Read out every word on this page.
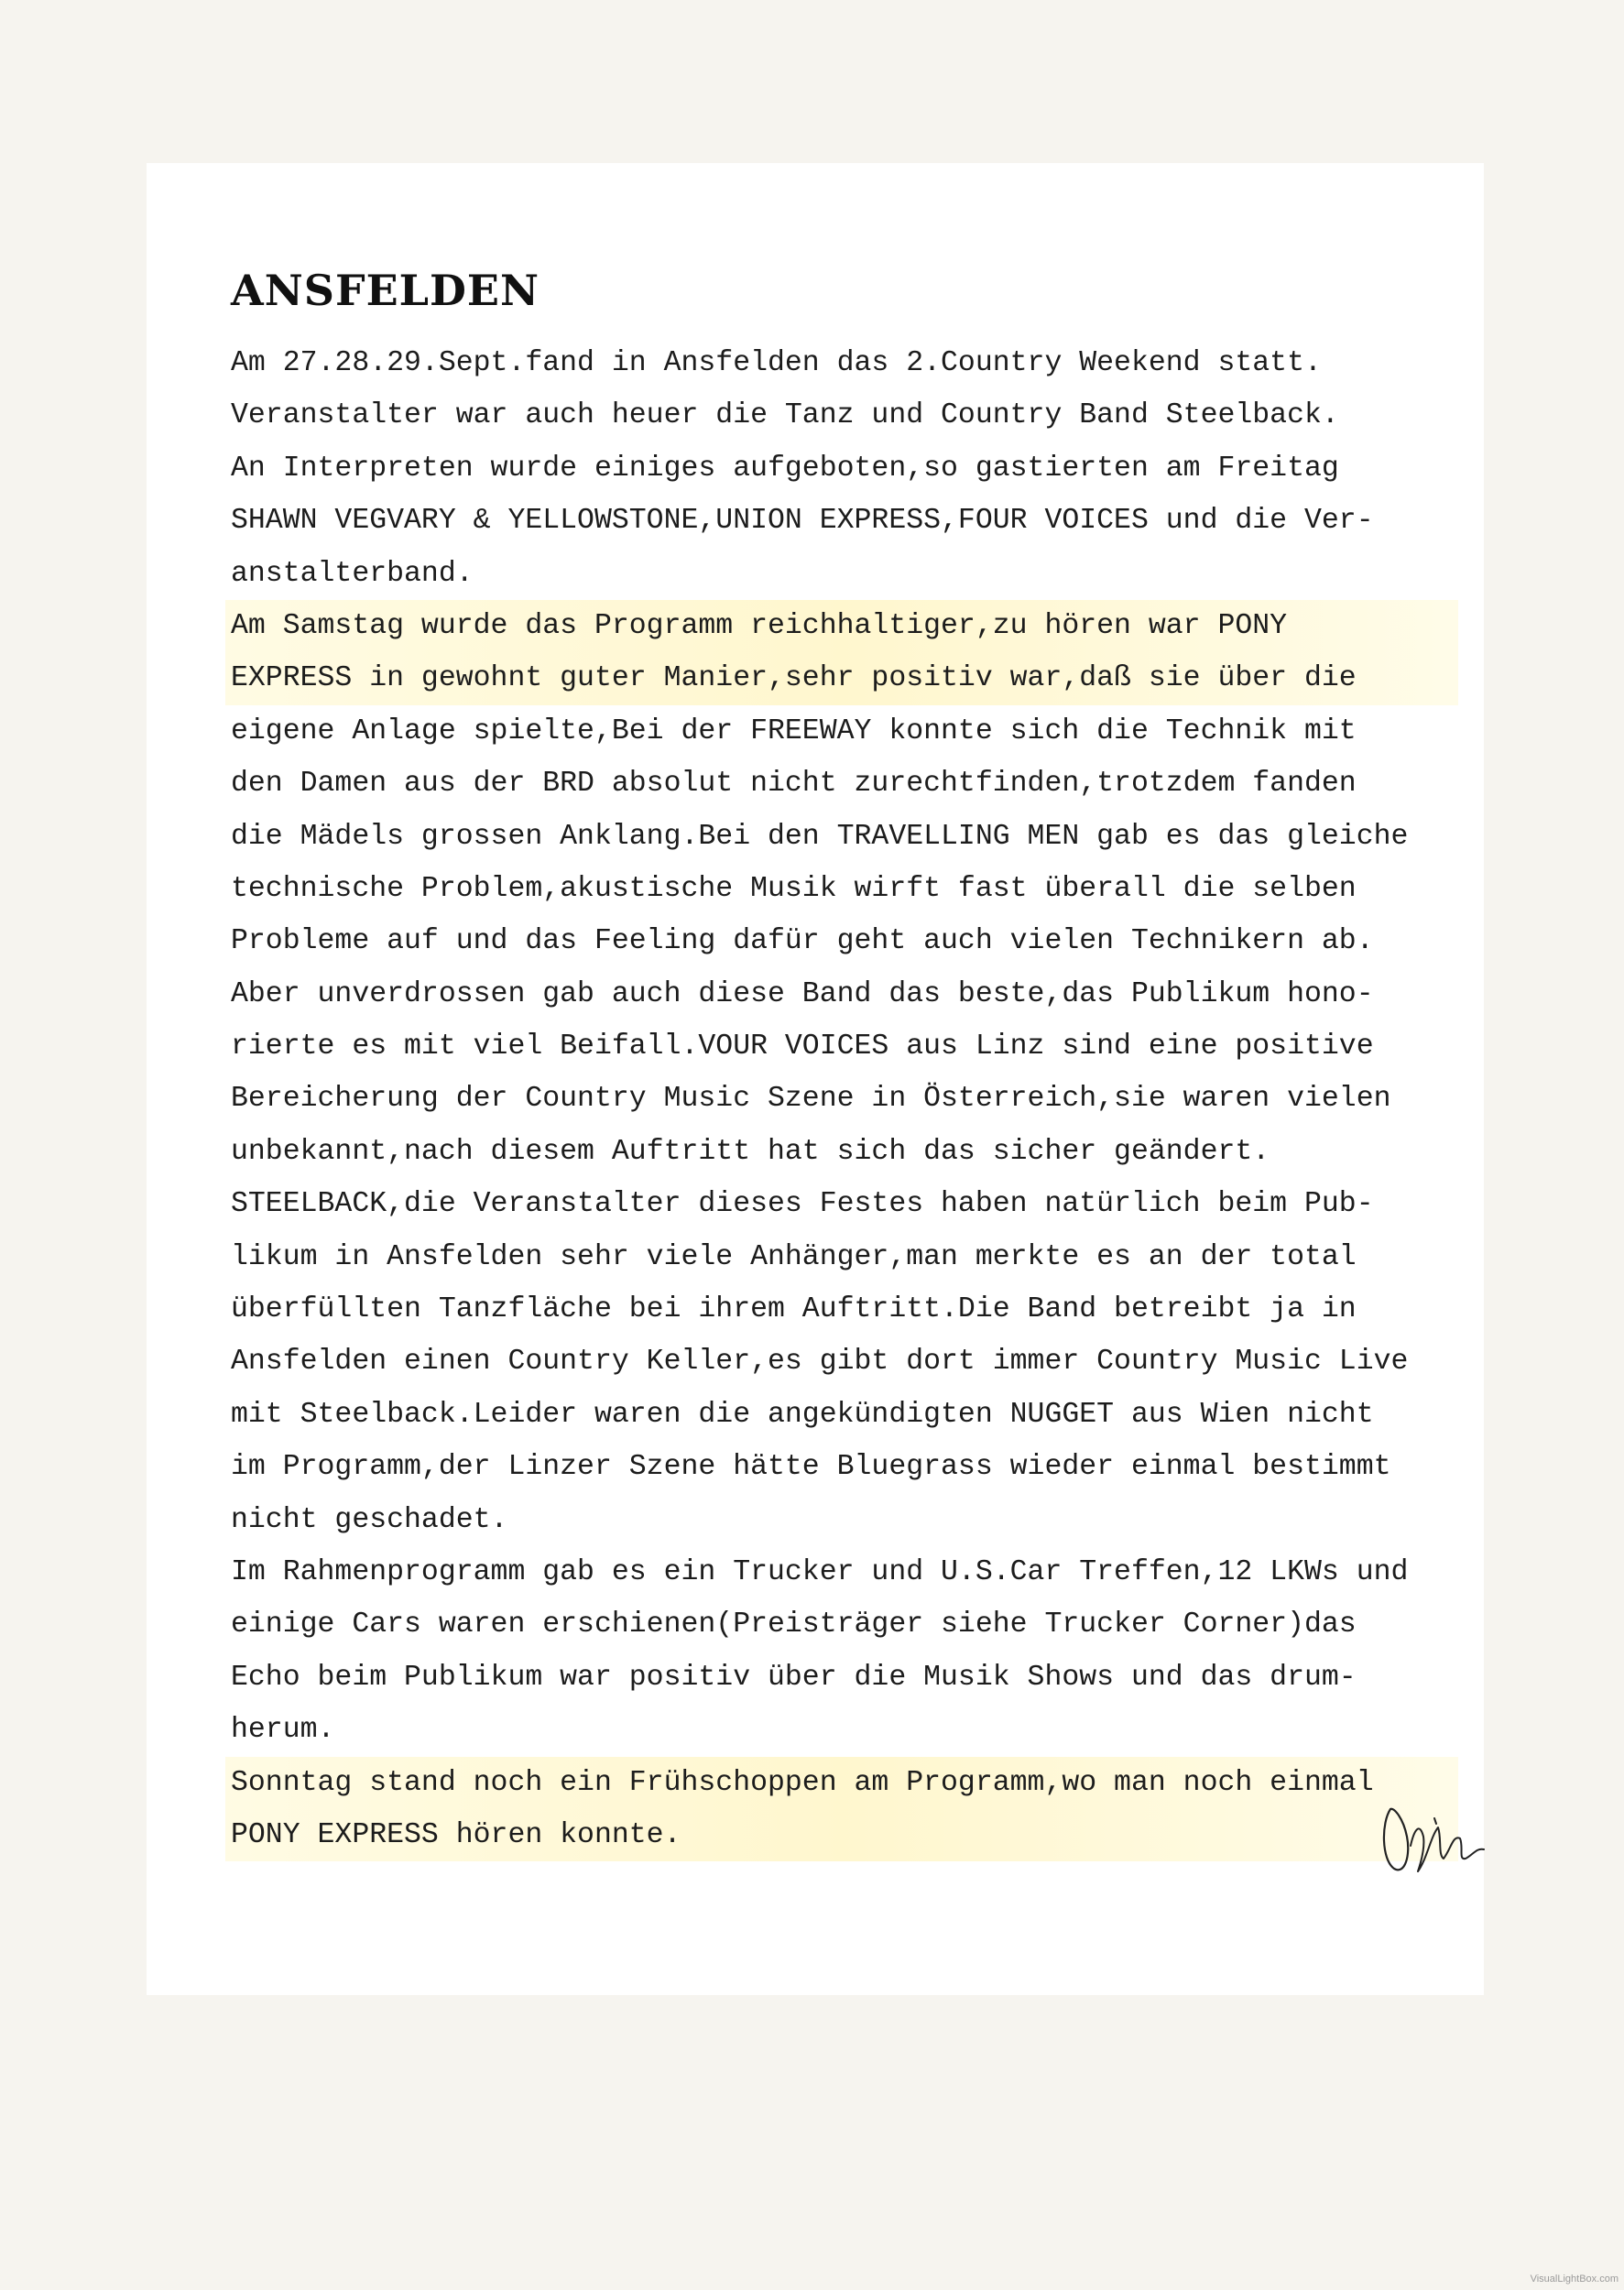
ANSFELDEN
Am 27.28.29.Sept.fand in Ansfelden das 2.Country Weekend statt.
Veranstalter war auch heuer die Tanz und Country Band Steelback.
An Interpreten wurde einiges aufgeboten,so gastierten am Freitag
SHAWN VEGVARY & YELLOWSTONE,UNION EXPRESS,FOUR VOICES und die Ver-
anstalterband.
Am Samstag wurde das Programm reichhaltiger,zu hören war PONY
EXPRESS in gewohnt guter Manier,sehr positiv war,daß sie über die
eigene Anlage spielte,Bei der FREEWAY konnte sich die Technik mit
den Damen aus der BRD absolut nicht zurechtfinden,trotzdem fanden
die Mädels grossen Anklang.Bei den TRAVELLING MEN gab es das gleiche
technische Problem,akustische Musik wirft fast überall die selben
Probleme auf und das Feeling dafür geht auch vielen Technikern ab.
Aber unverdrossen gab auch diese Band das beste,das Publikum hono-
rierte es mit viel Beifall.VOUR VOICES aus Linz sind eine positive
Bereicherung der Country Music Szene in Österreich,sie waren vielen
unbekannt,nach diesem Auftritt hat sich das sicher geändert.
STEELBACK,die Veranstalter dieses Festes haben natürlich beim Pub-
likum in Ansfelden sehr viele Anhänger,man merkte es an der total
überfüllten Tanzfläche bei ihrem Auftritt.Die Band betreibt ja in
Ansfelden einen Country Keller,es gibt dort immer Country Music Live
mit Steelback.Leider waren die angekündigten NUGGET aus Wien nicht
im Programm,der Linzer Szene hätte Bluegrass wieder einmal bestimmt
nicht geschadet.
Im Rahmenprogramm gab es ein Trucker und U.S.Car Treffen,12 LKWs und
einige Cars waren erschienen(Preisträger siehe Trucker Corner)das
Echo beim Publikum war positiv über die Musik Shows und das drum-
herum.
Sonntag stand noch ein Frühschoppen am Programm,wo man noch einmal
PONY EXPRESS hören konnte.
VisualLightBox.com
